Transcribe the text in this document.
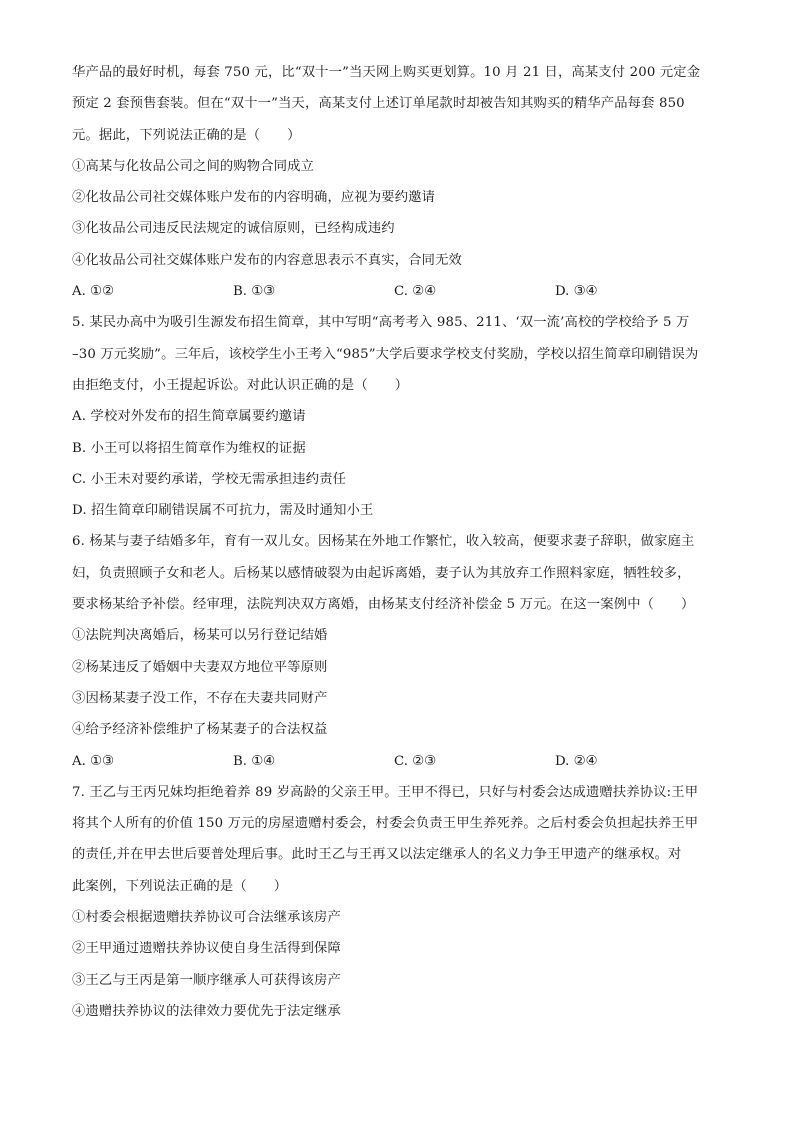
华产品的最好时机，每套 750 元，比“双十一”当天网上购买更划算。10 月 21 日，高某支付 200 元定金
预定 2 套预售套装。但在“双十一”当天，高某支付上述订单尾款时却被告知其购买的精华产品每套 850
元。据此，下列说法正确的是（　　）
①高某与化妆品公司之间的购物合同成立
②化妆品公司社交媒体账户发布的内容明确，应视为要约邀请
③化妆品公司违反民法规定的诚信原则，已经构成违约
④化妆品公司社交媒体账户发布的内容意思表示不真实，合同无效
A. ①②	B. ①③	C. ②④	D. ③④
5. 某民办高中为吸引生源发布招生简章，其中写明“高考考入 985、211、‘双一流’高校的学校给予 5 万
–30 万元奖励”。三年后，该校学生小王考入“985”大学后要求学校支付奖励，学校以招生简章印刷错误为
由拒绝支付，小王提起诉讼。对此认识正确的是（　　）
A. 学校对外发布的招生简章属要约邀请
B. 小王可以将招生简章作为维权的证据
C. 小王未对要约承诺，学校无需承担违约责任
D. 招生简章印刷错误属不可抗力，需及时通知小王
6. 杨某与妻子结婚多年，育有一双儿女。因杨某在外地工作繁忙，收入较高，便要求妻子辞职，做家庭主
妇，负责照顾子女和老人。后杨某以感情破裂为由起诉离婚，妻子认为其放弃工作照料家庭，牺牲较多，
要求杨某给予补偿。经审理，法院判决双方离婚，由杨某支付经济补偿金 5 万元。在这一案例中（　　）
①法院判决离婚后，杨某可以另行登记结婚
②杨某违反了婚姻中夫妻双方地位平等原则
③因杨某妻子没工作，不存在夫妻共同财产
④给予经济补偿维护了杨某妻子的合法权益
A. ①③	B. ①④	C. ②③	D. ②④
7. 王乙与王丙兄妹均拒绝着养 89 岁高龄的父亲王甲。王甲不得已，只好与村委会达成遗赠扶养协议:王甲
将其个人所有的价值 150 万元的房屋遗赠村委会，村委会负责王甲生养死养。之后村委会负担起扶养王甲
的责任,并在甲去世后要普处理后事。此时王乙与王再又以法定继承人的名义力争王甲遗产的继承权。对
此案例，下列说法正确的是（　　）
①村委会根据遗赠扶养协议可合法继承该房产
②王甲通过遗赠扶养协议使自身生活得到保障
③王乙与王丙是第一顺序继承人可获得该房产
④遗赠扶养协议的法律效力要优先于法定继承
